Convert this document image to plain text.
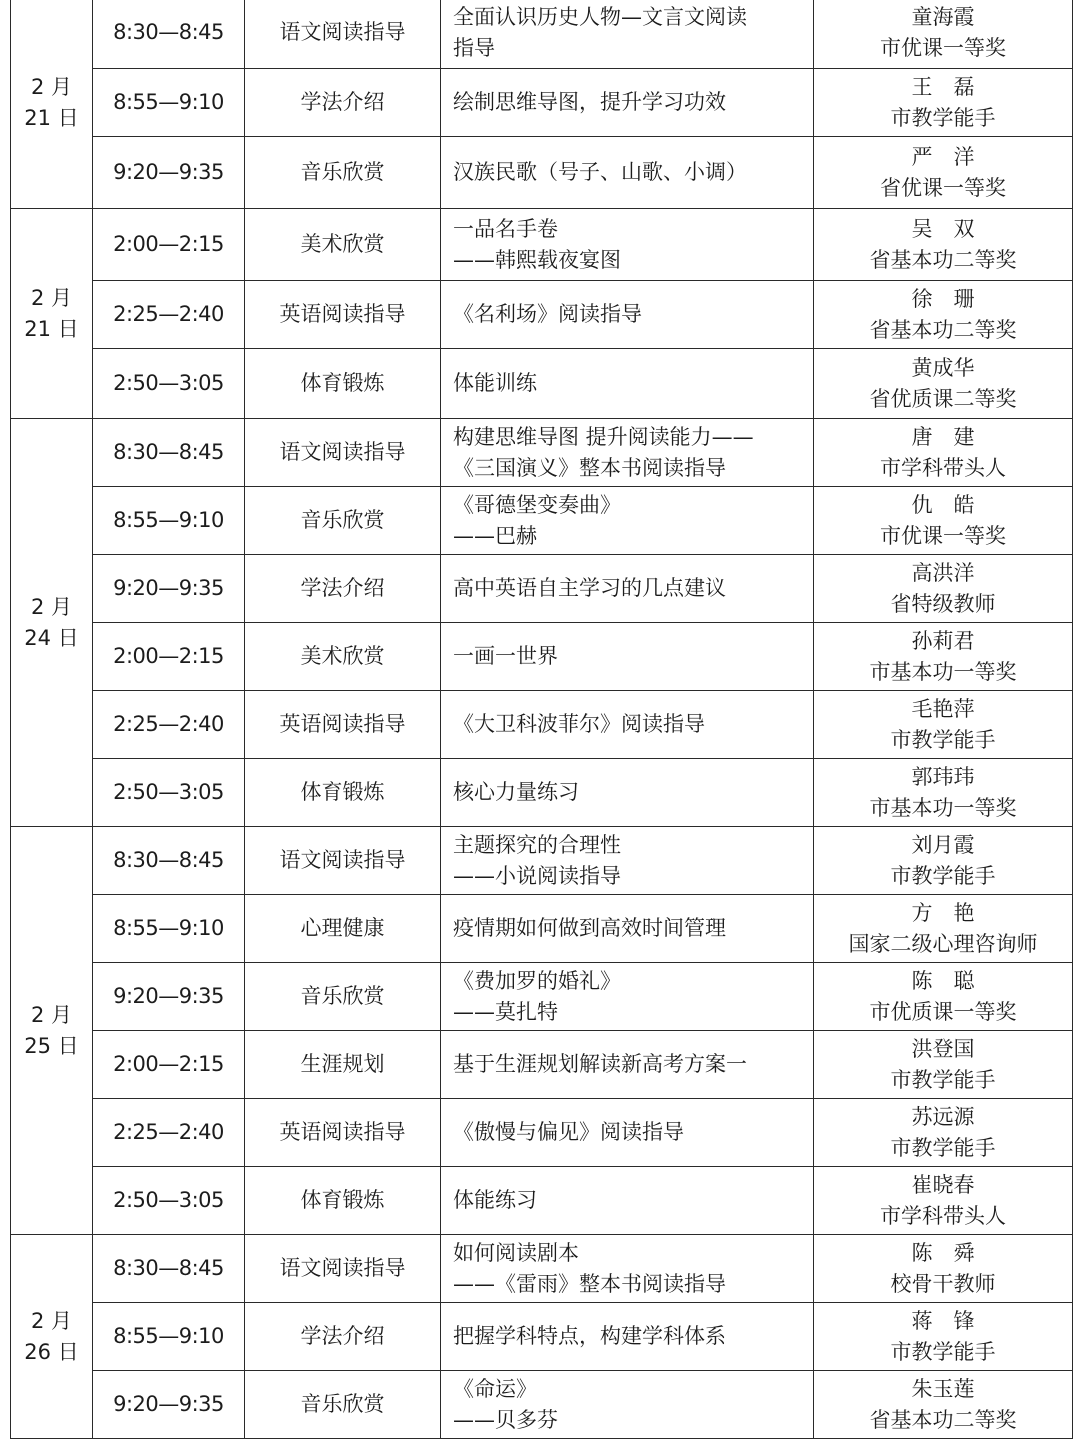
2 月
21 日	8:30—8:45	语文阅读指导	全面认识历史人物—文言文阅读
指导	童海霞
市优课一等奖

	8:55—9:10	学法介绍	绘制思维导图，提升学习功效	王　磊
市教学能手

	9:20—9:35	音乐欣赏	汉族民歌（号子、山歌、小调）	严　洋
省优课一等奖

2 月
21 日	2:00—2:15	美术欣赏	一品名手卷
——韩熙载夜宴图	吴　双
省基本功二等奖

	2:25—2:40	英语阅读指导	《名利场》阅读指导	徐　珊
省基本功二等奖

	2:50—3:05	体育锻炼	体能训练	黄成华
省优质课二等奖

2 月
24 日	8:30—8:45	语文阅读指导	构建思维导图 提升阅读能力——
《三国演义》整本书阅读指导	唐　建
市学科带头人

	8:55—9:10	音乐欣赏	《哥德堡变奏曲》
——巴赫	仇　皓
市优课一等奖

	9:20—9:35	学法介绍	高中英语自主学习的几点建议	高洪洋
省特级教师

	2:00—2:15	美术欣赏	一画一世界	孙莉君
市基本功一等奖

	2:25—2:40	英语阅读指导	《大卫科波菲尔》阅读指导	毛艳萍
市教学能手

	2:50—3:05	体育锻炼	核心力量练习	郭玮玮
市基本功一等奖

2 月
25 日	8:30—8:45	语文阅读指导	主题探究的合理性
——小说阅读指导	刘月霞
市教学能手

	8:55—9:10	心理健康	疫情期如何做到高效时间管理	方　艳
国家二级心理咨询师

	9:20—9:35	音乐欣赏	《费加罗的婚礼》
——莫扎特	陈　聪
市优质课一等奖

	2:00—2:15	生涯规划	基于生涯规划解读新高考方案一	洪登国
市教学能手

	2:25—2:40	英语阅读指导	《傲慢与偏见》阅读指导	苏远源
市教学能手

	2:50—3:05	体育锻炼	体能练习	崔晓春
市学科带头人

2 月
26 日	8:30—8:45	语文阅读指导	如何阅读剧本
——《雷雨》整本书阅读指导	陈　舜
校骨干教师

	8:55—9:10	学法介绍	把握学科特点，构建学科体系	蒋　锋
市教学能手

	9:20—9:35	音乐欣赏	《命运》
——贝多芬	朱玉莲
省基本功二等奖
